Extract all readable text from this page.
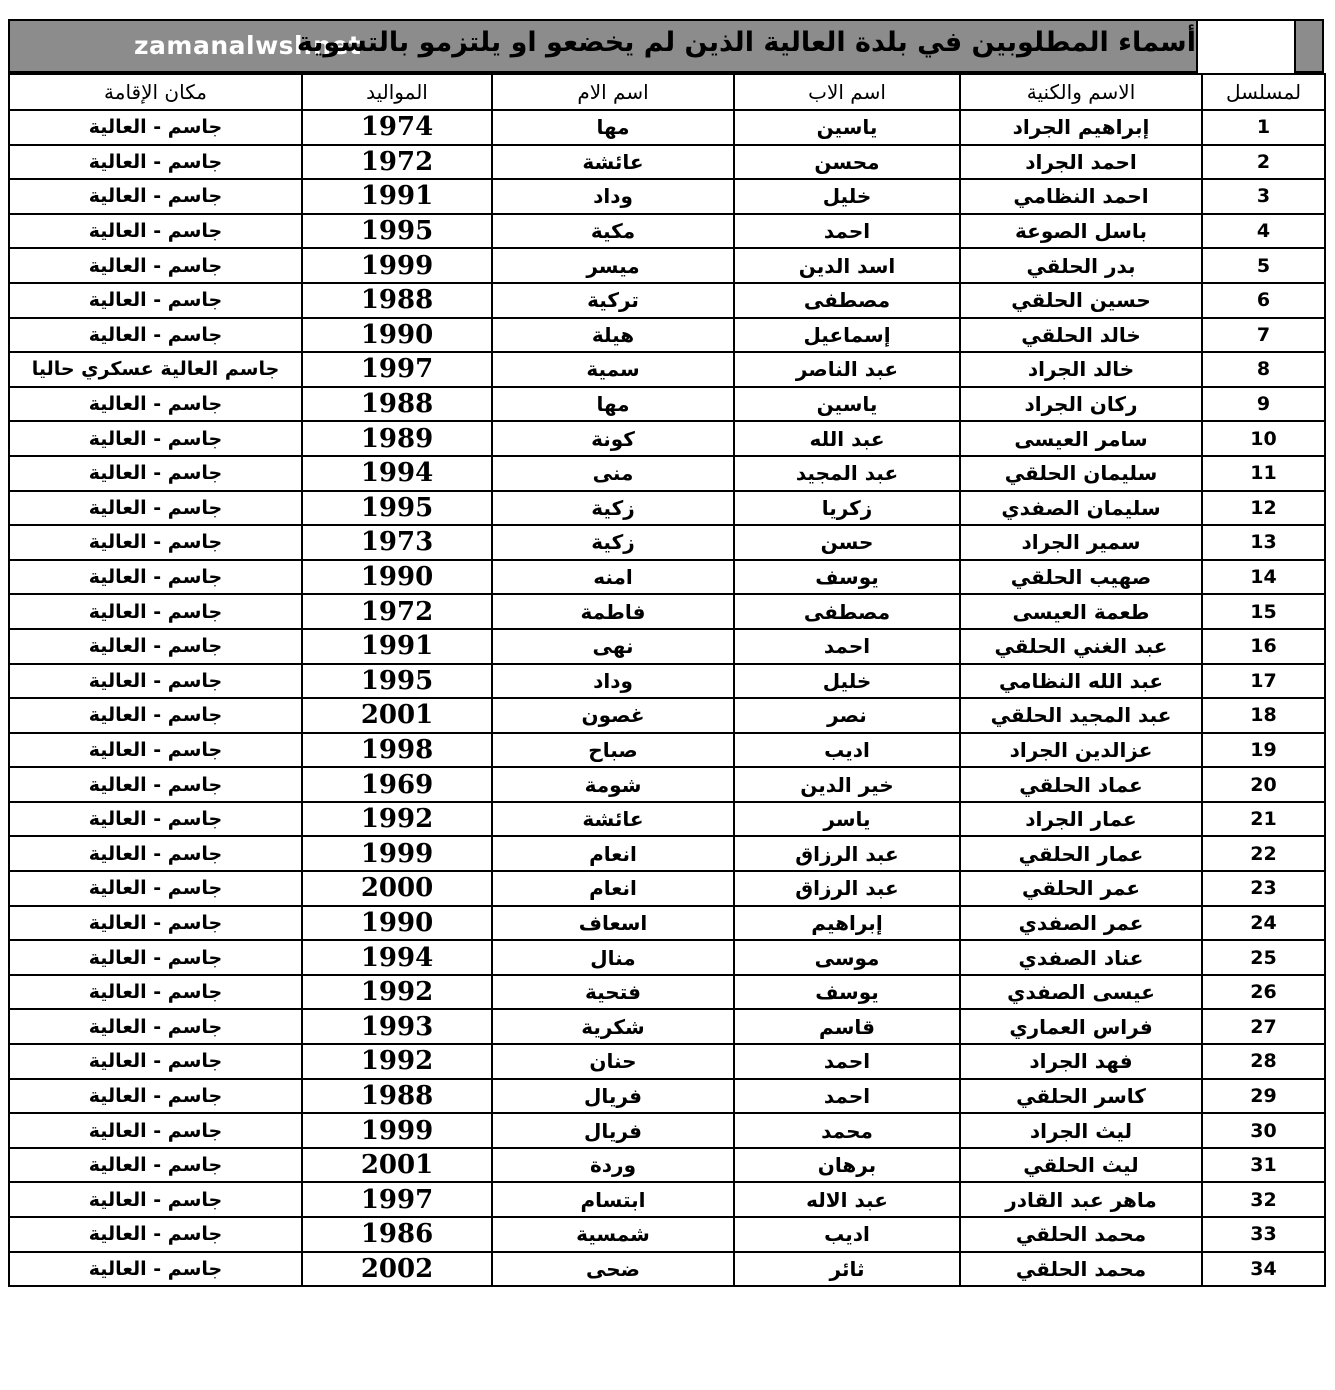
zamanalwsl.net
أسماء المطلوبين في بلدة العالية الذين لم يخضعو او يلتزمو بالتسوية
لمسلسل	الاسم والكنية	اسم الاب	اسم الام	المواليد	مكان الإقامة
1	إبراهيم الجراد	ياسين	مها	1974	جاسم - العالية
2	احمد الجراد	محسن	عائشة	1972	جاسم - العالية
3	احمد النظامي	خليل	وداد	1991	جاسم - العالية
4	باسل الصوعة	احمد	مكية	1995	جاسم - العالية
5	بدر الحلقي	اسد الدين	ميسر	1999	جاسم - العالية
6	حسين الحلقي	مصطفى	تركية	1988	جاسم - العالية
7	خالد الحلقي	إسماعيل	هيلة	1990	جاسم - العالية
8	خالد الجراد	عبد الناصر	سمية	1997	جاسم العالية عسكري حاليا
9	ركان الجراد	ياسين	مها	1988	جاسم - العالية
10	سامر العيسى	عبد الله	كونة	1989	جاسم - العالية
11	سليمان الحلقي	عبد المجيد	منى	1994	جاسم - العالية
12	سليمان الصفدي	زكريا	زكية	1995	جاسم - العالية
13	سمير الجراد	حسن	زكية	1973	جاسم - العالية
14	صهيب الحلقي	يوسف	امنه	1990	جاسم - العالية
15	طعمة العيسى	مصطفى	فاطمة	1972	جاسم - العالية
16	عبد الغني الحلقي	احمد	نهى	1991	جاسم - العالية
17	عبد الله النظامي	خليل	وداد	1995	جاسم - العالية
18	عبد المجيد الحلقي	نصر	غصون	2001	جاسم - العالية
19	عزالدين الجراد	اديب	صباح	1998	جاسم - العالية
20	عماد الحلقي	خير الدين	شومة	1969	جاسم - العالية
21	عمار الجراد	ياسر	عائشة	1992	جاسم - العالية
22	عمار الحلقي	عبد الرزاق	انعام	1999	جاسم - العالية
23	عمر الحلقي	عبد الرزاق	انعام	2000	جاسم - العالية
24	عمر الصفدي	إبراهيم	اسعاف	1990	جاسم - العالية
25	عناد الصفدي	موسى	منال	1994	جاسم - العالية
26	عيسى الصفدي	يوسف	فتحية	1992	جاسم - العالية
27	فراس العماري	قاسم	شكرية	1993	جاسم - العالية
28	فهد الجراد	احمد	حنان	1992	جاسم - العالية
29	كاسر الحلقي	احمد	فريال	1988	جاسم - العالية
30	ليث الجراد	محمد	فريال	1999	جاسم - العالية
31	ليث الحلقي	برهان	وردة	2001	جاسم - العالية
32	ماهر عبد القادر	عبد الاله	ابتسام	1997	جاسم - العالية
33	محمد الحلقي	اديب	شمسية	1986	جاسم - العالية
34	محمد الحلقي	ثائر	ضحى	2002	جاسم - العالية
